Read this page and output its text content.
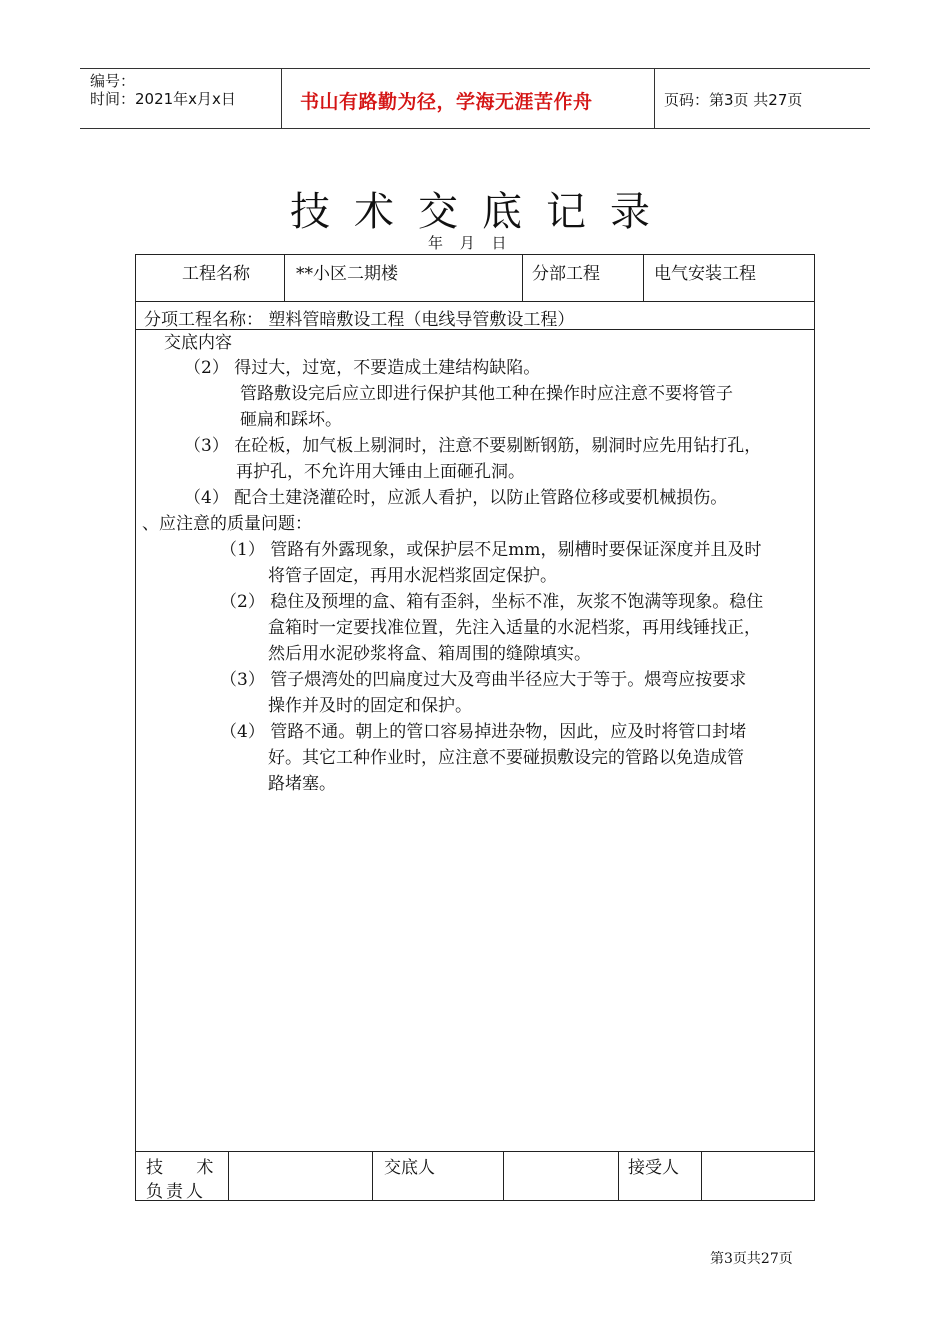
编号：
时间：2021年x月x日	书山有路勤为径，学海无涯苦作舟	页码：第3页 共27页
技术交底记录
年 月 日
工程名称	**小区二期楼	分部工程	电气安装工程
分项工程名称： 塑料管暗敷设工程（电线导管敷设工程）
交底内容
（2） 得过大，过宽，不要造成土建结构缺陷。
管路敷设完后应立即进行保护其他工种在操作时应注意不要将管子
砸扁和踩坏。
（3） 在砼板，加气板上剔洞时，注意不要剔断钢筋，剔洞时应先用钻打孔，
再护孔，不允许用大锤由上面砸孔洞。
（4） 配合土建浇灌砼时，应派人看护，以防止管路位移或要机械损伤。
、应注意的质量问题：
（1） 管路有外露现象，或保护层不足mm，剔槽时要保证深度并且及时
将管子固定，再用水泥档浆固定保护。
（2） 稳住及预埋的盒、箱有歪斜，坐标不准，灰浆不饱满等现象。稳住
盒箱时一定要找准位置，先注入适量的水泥档浆，再用线锤找正，
然后用水泥砂浆将盒、箱周围的缝隙填实。
（3） 管子煨湾处的凹扁度过大及弯曲半径应大于等于。煨弯应按要求
操作并及时的固定和保护。
（4） 管路不通。朝上的管口容易掉进杂物，因此，应及时将管口封堵
好。其它工种作业时，应注意不要碰损敷设完的管路以免造成管
路堵塞。
技 术
负责人
交底人	接受人
第3页共27页
